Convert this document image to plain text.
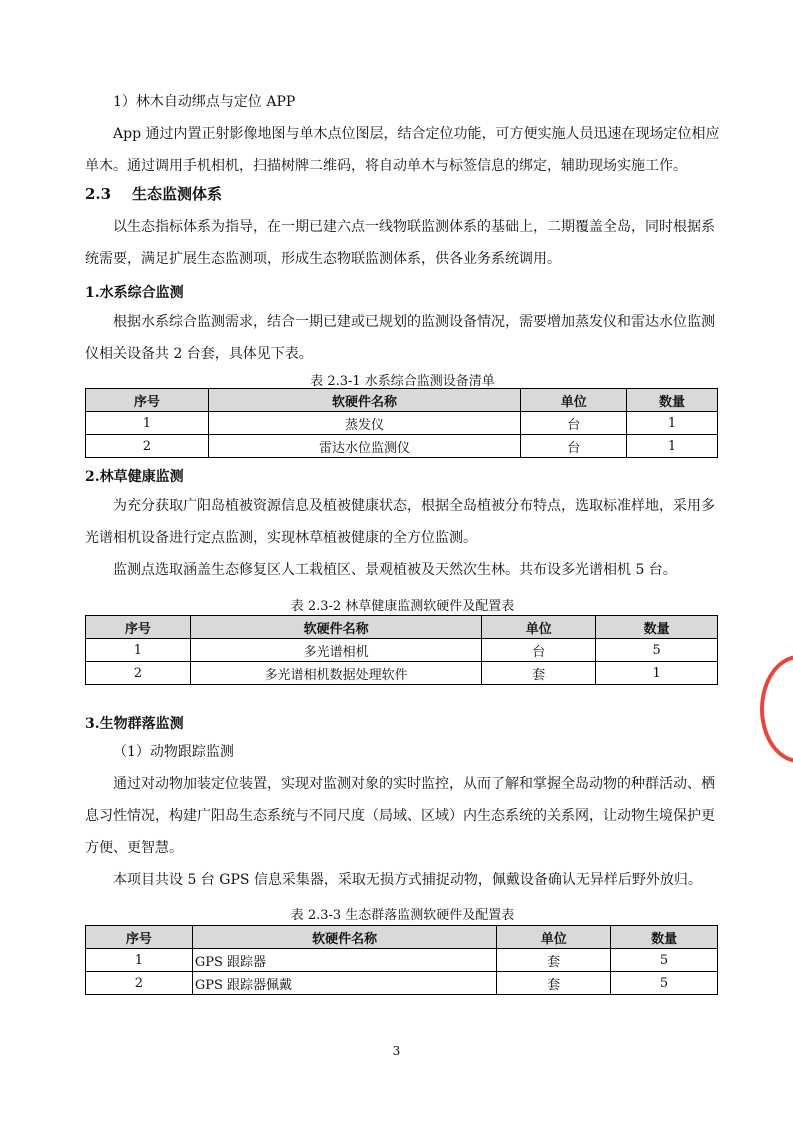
1）林木自动绑点与定位 APP

App 通过内置正射影像地图与单木点位图层，结合定位功能，可方便实施人员迅速在现场定位相应单木。通过调用手机相机，扫描树牌二维码，将自动单木与标签信息的绑定，辅助现场实施工作。

2.3 生态监测体系

以生态指标体系为指导，在一期已建六点一线物联监测体系的基础上，二期覆盖全岛，同时根据系统需要，满足扩展生态监测项，形成生态物联监测体系，供各业务系统调用。

1.水系综合监测

根据水系综合监测需求，结合一期已建或已规划的监测设备情况，需要增加蒸发仪和雷达水位监测仪相关设备共 2 台套，具体见下表。

表 2.3-1 水系综合监测设备清单

序号	软硬件名称	单位	数量
1	蒸发仪	台	1
2	雷达水位监测仪	台	1
2.林草健康监测

为充分获取广阳岛植被资源信息及植被健康状态，根据全岛植被分布特点，选取标准样地，采用多光谱相机设备进行定点监测，实现林草植被健康的全方位监测。

监测点选取涵盖生态修复区人工栽植区、景观植被及天然次生林。共布设多光谱相机 5 台。

表 2.3-2 林草健康监测软硬件及配置表

序号	软硬件名称	单位	数量
1	多光谱相机	台	5
2	多光谱相机数据处理软件	套	1
3.生物群落监测

（1）动物跟踪监测

通过对动物加装定位装置，实现对监测对象的实时监控，从而了解和掌握全岛动物的种群活动、栖息习性情况，构建广阳岛生态系统与不同尺度（局域、区域）内生态系统的关系网，让动物生境保护更方便、更智慧。

本项目共设 5 台 GPS 信息采集器，采取无损方式捕捉动物，佩戴设备确认无异样后野外放归。

表 2.3-3 生态群落监测软硬件及配置表

序号	软硬件名称	单位	数量
1	GPS 跟踪器	套	5
2	GPS 跟踪器佩戴	套	5
3
